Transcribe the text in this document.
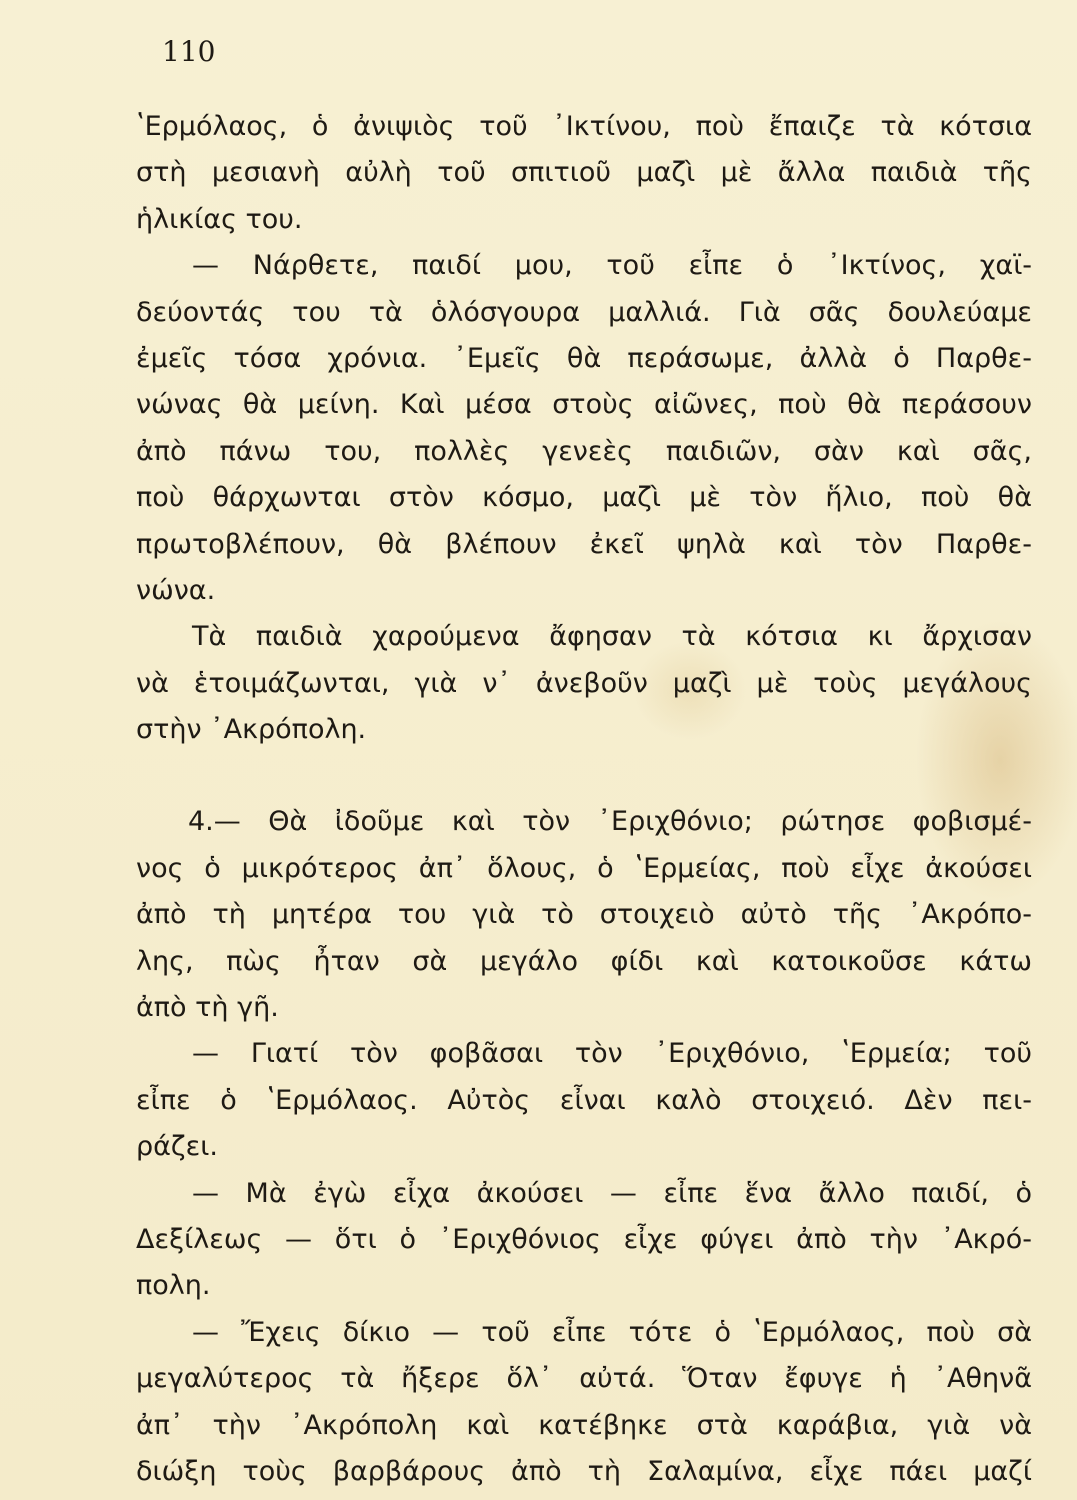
110
ʽΕρμόλαος, ὁ ἀνιψιὸς τοῦ ᾿Ικτίνου, ποὺ ἔπαιζε τὰ κότσια
στὴ μεσιανὴ αὐλὴ τοῦ σπιτιοῦ μαζὶ μὲ ἄλλα παιδιὰ τῆς
ἡλικίας του.
— Νάρθετε, παιδί μου, τοῦ εἶπε ὁ ᾿Ικτίνος, χαϊ-
δεύοντάς του τὰ ὁλόσγουρα μαλλιά. Γιὰ σᾶς δουλεύαμε
ἐμεῖς τόσα χρόνια. ᾿Εμεῖς θὰ περάσωμε, ἀλλὰ ὁ Παρθε-
νώνας θὰ μείνη. Καὶ μέσα στοὺς αἰῶνες, ποὺ θὰ περάσουν
ἀπὸ πάνω του, πολλὲς γενεὲς παιδιῶν, σὰν καὶ σᾶς,
ποὺ θάρχωνται στὸν κόσμο, μαζὶ μὲ τὸν ἥλιο, ποὺ θὰ
πρωτοβλέπουν, θὰ βλέπουν ἐκεῖ ψηλὰ καὶ τὸν Παρθε-
νώνα.
Τὰ παιδιὰ χαρούμενα ἄφησαν τὰ κότσια κι ἄρχισαν
νὰ ἑτοιμάζωνται, γιὰ ν᾿ ἀνεβοῦν μαζὶ μὲ τοὺς μεγάλους
στὴν ᾿Ακρόπολη.
4.— Θὰ ἰδοῦμε καὶ τὸν ᾿Εριχθόνιο; ρώτησε φοβισμέ-
νος ὁ μικρότερος ἀπ᾿ ὅλους, ὁ ʽΕρμείας, ποὺ εἶχε ἀκούσει
ἀπὸ τὴ μητέρα του γιὰ τὸ στοιχειὸ αὐτὸ τῆς ᾿Ακρόπο-
λης, πὼς ἦταν σὰ μεγάλο φίδι καὶ κατοικοῦσε κάτω
ἀπὸ τὴ γῆ.
— Γιατί τὸν φοβᾶσαι τὸν ᾿Εριχθόνιο, ʽΕρμεία; τοῦ
εἶπε ὁ ʽΕρμόλαος. Αὐτὸς εἶναι καλὸ στοιχειό. Δὲν πει-
ράζει.
— Μὰ ἐγὼ εἶχα ἀκούσει — εἶπε ἕνα ἄλλο παιδί, ὁ
Δεξίλεως — ὅτι ὁ ᾿Εριχθόνιος εἶχε φύγει ἀπὸ τὴν ᾿Ακρό-
πολη.
— Ἔχεις δίκιο — τοῦ εἶπε τότε ὁ ʽΕρμόλαος, ποὺ σὰ
μεγαλύτερος τὰ ἤξερε ὅλ᾿ αὐτά. Ὅταν ἔφυγε ἡ ᾿Αθηνᾶ
ἀπ᾿ τὴν ᾿Ακρόπολη καὶ κατέβηκε στὰ καράβια, γιὰ νὰ
διώξη τοὺς βαρβάρους ἀπὸ τὴ Σαλαμίνα, εἶχε πάει μαζί
